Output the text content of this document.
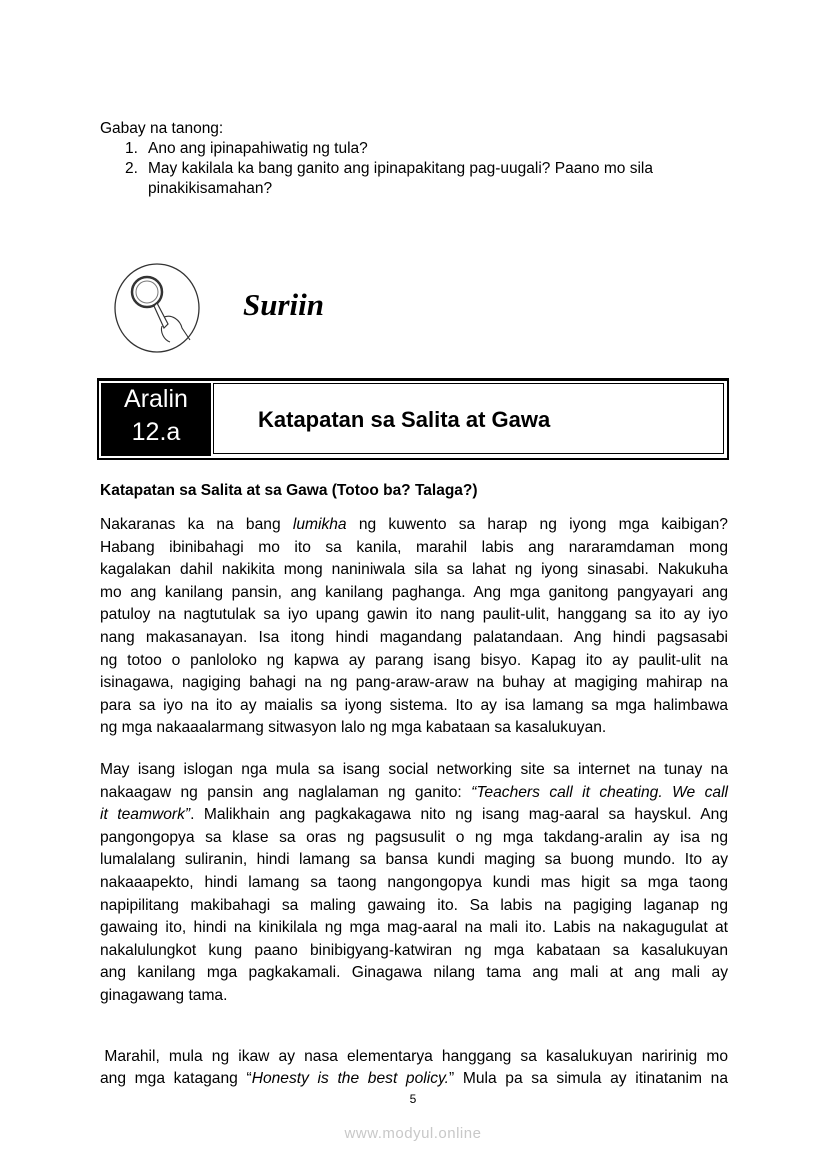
Gabay na tanong:
1. Ano ang ipinapahiwatig ng tula?
2. May kakilala ka bang ganito ang ipinapakitang pag-uugali? Paano mo sila
pinakikisamahan?
Suriin
Aralin
12.a	Katapatan sa Salita at Gawa
Katapatan sa Salita at sa Gawa (Totoo ba? Talaga?)
Nakaranas ka na bang lumikha ng kuwento sa harap ng iyong mga kaibigan?
Habang ibinibahagi mo ito sa kanila, marahil labis ang nararamdaman mong
kagalakan dahil nakikita mong naniniwala sila sa lahat ng iyong sinasabi. Nakukuha
mo ang kanilang pansin, ang kanilang paghanga. Ang mga ganitong pangyayari ang
patuloy na nagtutulak sa iyo upang gawin ito nang paulit-ulit, hanggang sa ito ay iyo
nang makasanayan. Isa itong hindi magandang palatandaan. Ang hindi pagsasabi
ng totoo o panloloko ng kapwa ay parang isang bisyo. Kapag ito ay paulit-ulit na
isinagawa, nagiging bahagi na ng pang-araw-araw na buhay at magiging mahirap na
para sa iyo na ito ay maialis sa iyong sistema. Ito ay isa lamang sa mga halimbawa
ng mga nakaaalarmang sitwasyon lalo ng mga kabataan sa kasalukuyan.
May isang islogan nga mula sa isang social networking site sa internet na tunay na
nakaagaw ng pansin ang naglalaman ng ganito: “Teachers call it cheating. We call
it teamwork”. Malikhain ang pagkakagawa nito ng isang mag-aaral sa hayskul. Ang
pangongopya sa klase sa oras ng pagsusulit o ng mga takdang-aralin ay isa ng
lumalalang suliranin, hindi lamang sa bansa kundi maging sa buong mundo. Ito ay
nakaaapekto, hindi lamang sa taong nangongopya kundi mas higit sa mga taong
napipilitang makibahagi sa maling gawaing ito. Sa labis na pagiging laganap ng
gawaing ito, hindi na kinikilala ng mga mag-aaral na mali ito. Labis na nakagugulat at
nakalulungkot kung paano binibigyang-katwiran ng mga kabataan sa kasalukuyan
ang kanilang mga pagkakamali. Ginagawa nilang tama ang mali at ang mali ay
ginagawang tama.
Marahil, mula ng ikaw ay nasa elementarya hanggang sa kasalukuyan naririnig mo
ang mga katagang “Honesty is the best policy.” Mula pa sa simula ay itinatanim na
5
www.modyul.online
